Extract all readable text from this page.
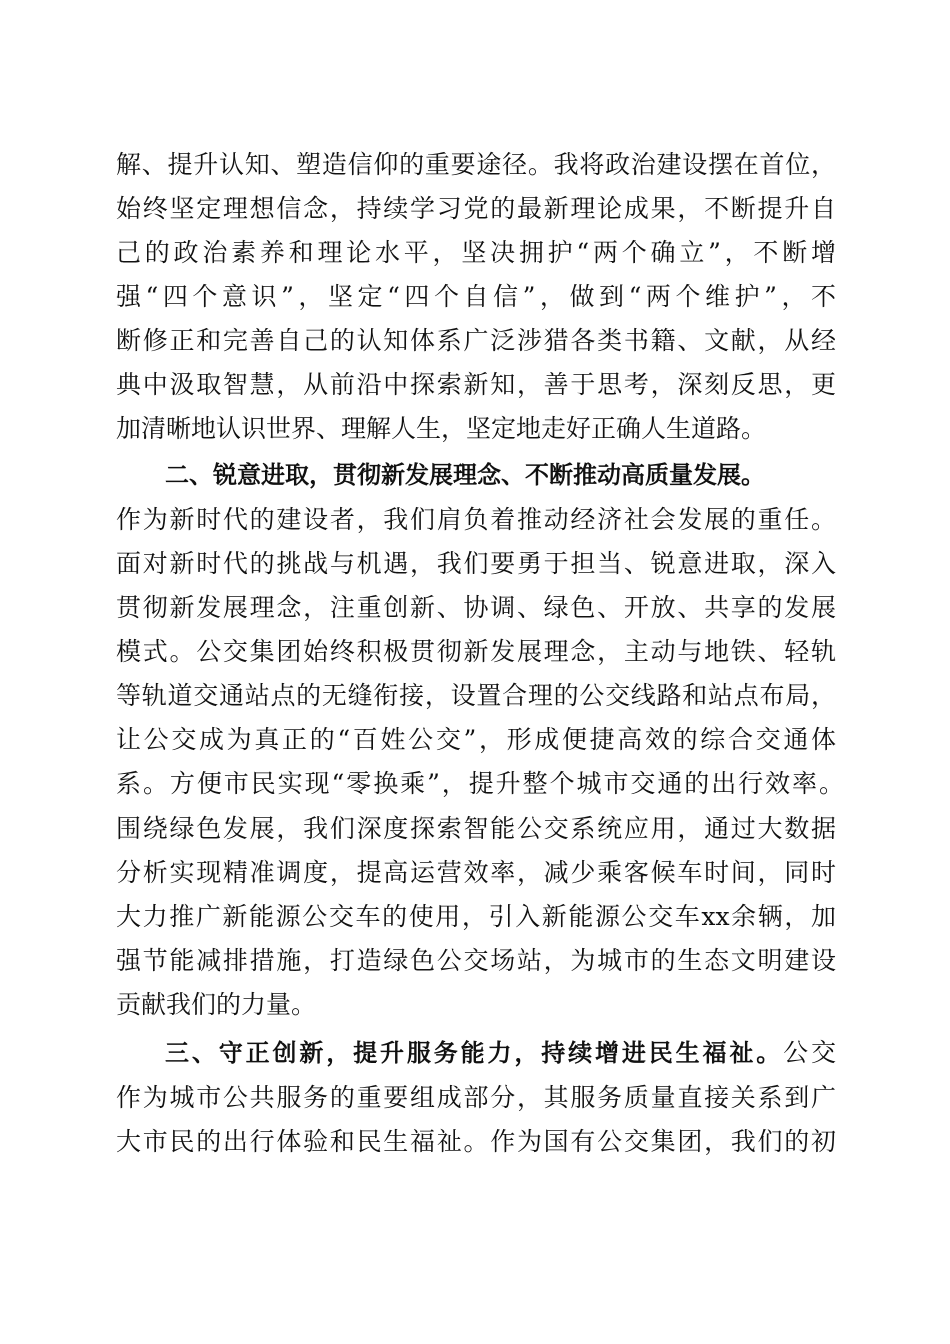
解、提升认知、塑造信仰的重要途径。我将政治建设摆在首位，
始终坚定理想信念，持续学习党的最新理论成果，不断提升自
己的政治素养和理论水平，坚决拥护“两个确立”，不断增
强“四个意识”，坚定“四个自信”，做到“两个维护”，不
断修正和完善自己的认知体系广泛涉猎各类书籍、文献，从经
典中汲取智慧，从前沿中探索新知，善于思考，深刻反思，更
加清晰地认识世界、理解人生，坚定地走好正确人生道路。
二、锐意进取，贯彻新发展理念、不断推动高质量发展。
作为新时代的建设者，我们肩负着推动经济社会发展的重任。
面对新时代的挑战与机遇，我们要勇于担当、锐意进取，深入
贯彻新发展理念，注重创新、协调、绿色、开放、共享的发展
模式。公交集团始终积极贯彻新发展理念，主动与地铁、轻轨
等轨道交通站点的无缝衔接，设置合理的公交线路和站点布局，
让公交成为真正的“百姓公交”，形成便捷高效的综合交通体
系。方便市民实现“零换乘”，提升整个城市交通的出行效率。
围绕绿色发展，我们深度探索智能公交系统应用，通过大数据
分析实现精准调度，提高运营效率，减少乘客候车时间，同时
大力推广新能源公交车的使用，引入新能源公交车xx余辆，加
强节能减排措施，打造绿色公交场站，为城市的生态文明建设
贡献我们的力量。
三、守正创新，提升服务能力，持续增进民生福祉。公交
作为城市公共服务的重要组成部分，其服务质量直接关系到广
大市民的出行体验和民生福祉。作为国有公交集团，我们的初
